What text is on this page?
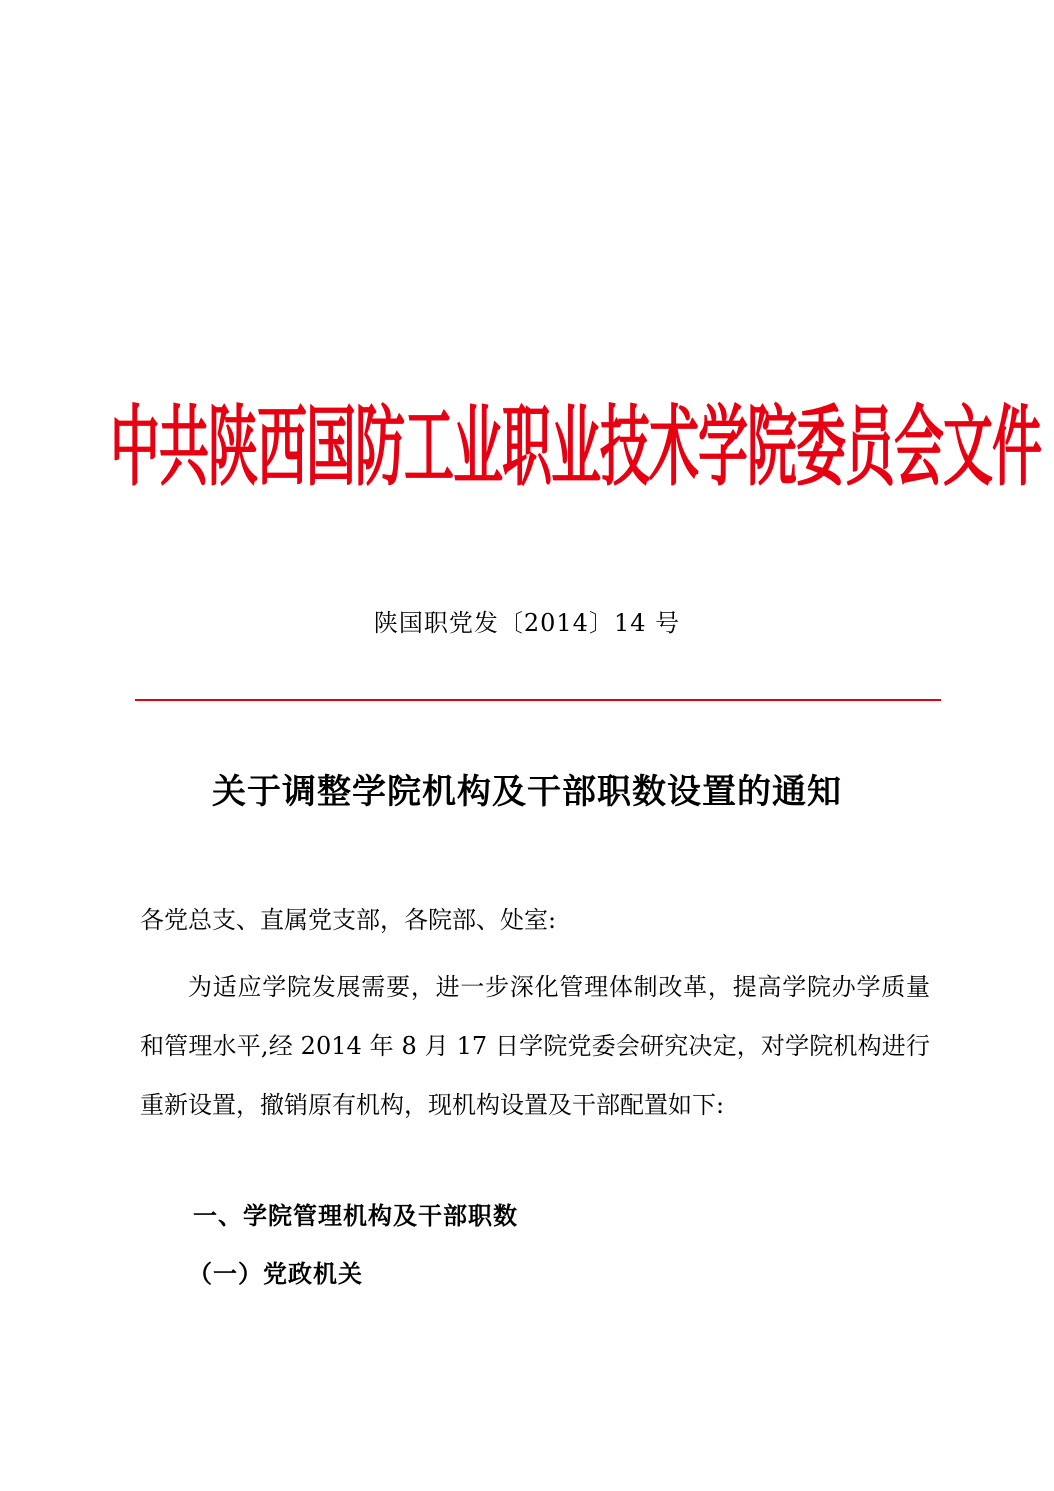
中共陕西国防工业职业技术学院委员会文件
陕国职党发〔2014〕14 号
关于调整学院机构及干部职数设置的通知
各党总支、直属党支部，各院部、处室:
为适应学院发展需要，进一步深化管理体制改革，提高学院办学质量和管理水平,经 2014 年 8 月 17 日学院党委会研究决定，对学院机构进行重新设置，撤销原有机构，现机构设置及干部配置如下:
一、学院管理机构及干部职数
（一）党政机关
